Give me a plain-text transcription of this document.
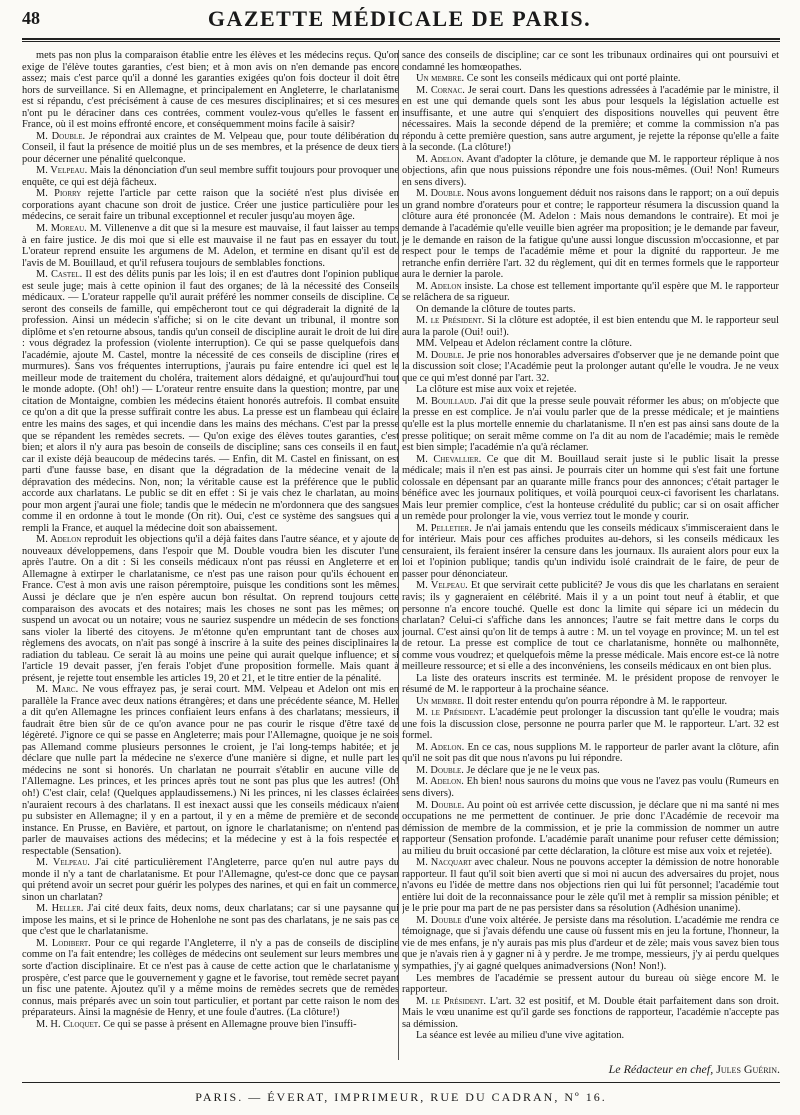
48	GAZETTE MÉDICALE DE PARIS.

mets pas non plus la comparaison établie entre les élèves et les médecins reçus. Qu'on exige de l'élève toutes garanties, c'est bien; et à mon avis on n'en demande pas encore assez; mais c'est parce qu'il a donné les garanties exigées qu'on fois docteur il doit être hors de surveillance. Si en Allemagne, et principalement en Angleterre, le charlatanisme est si répandu, c'est précisément à cause de ces mesures disciplinaires; et si ces mesures n'ont pu le déraciner dans ces contrées, comment voulez-vous qu'elles le fassent en France, où il est moins effronté encore, et conséquemment moins facile à saisir?

M. Double. Je répondrai aux craintes de M. Velpeau que, pour toute délibération du Conseil, il faut la présence de moitié plus un de ses membres, et la présence de deux tiers pour décerner une pénalité quelconque.

M. Velpeau. Mais la dénonciation d'un seul membre suffit toujours pour provoquer une enquête, ce qui est déjà fâcheux.

M. Piorry rejette l'article par cette raison que la société n'est plus divisée en corporations ayant chacune son droit de justice. Créer une justice particulière pour les médecins, ce serait faire un tribunal exceptionnel et reculer jusqu'au moyen âge.

M. Moreau. M. Villenenve a dit que si la mesure est mauvaise, il faut laisser au temps à en faire justice. Je dis moi que si elle est mauvaise il ne faut pas en essayer du tout. L'orateur reprend ensuite les argumens de M. Adelon, et termine en disant qu'il est de l'avis de M. Bouillaud, et qu'il refusera toujours de semblables fonctions.

M. Castel. Il est des délits punis par les lois; il en est d'autres dont l'opinion publique est seule juge; mais à cette opinion il faut des organes; de là la nécessité des Conseils médicaux. — L'orateur rappelle qu'il aurait préféré les nommer conseils de discipline. Ce seront des conseils de famille, qui empêcheront tout ce qui dégraderait la dignité de la profession. Ainsi un médecin s'affiche; si on le cite devant un tribunal, il montre son diplôme et s'en retourne absous, tandis qu'un conseil de discipline aurait le droit de lui dire : vous dégradez la profession (violente interruption). Ce qui se passe quelquefois dans l'académie, ajoute M. Castel, montre la nécessité de ces conseils de discipline (rires et murmures). Sans vos fréquentes interruptions, j'aurais pu faire entendre ici quel est le meilleur mode de traitement du choléra, traitement alors dédaigné, et qu'aujourd'hui tout le monde adopte. (Oh! oh!) — L'orateur rentre ensuite dans la question; montre, par une citation de Montaigne, combien les médecins étaient honorés autrefois. Il combat ensuite ce qu'on a dit que la presse suffirait contre les abus. La presse est un flambeau qui éclaire entre les mains des sages, et qui incendie dans les mains des méchans. C'est par la presse que se répandent les remèdes secrets. — Qu'on exige des élèves toutes garanties, c'est bien; et alors il n'y aura pas besoin de conseils de discipline; sans ces conseils il en faut, car il existe déjà beaucoup de médecins tarés. — Enfin, dit M. Castel en finissant, on est parti d'une fausse base, en disant que la dégradation de la médecine venait de la dépravation des médecins. Non, non; la véritable cause est la préférence que le public accorde aux charlatans. Le public se dit en effet : Si je vais chez le charlatan, au moins pour mon argent j'aurai une fiole; tandis que le médecin ne m'ordonnera que des sangsues comme il en ordonne à tout le monde (On rit). Oui, c'est ce système des sangsues qui a rempli la France, et auquel la médecine doit son abaissement.

M. Adelon reproduit les objections qu'il a déjà faites dans l'autre séance, et y ajoute de nouveaux développemens, dans l'espoir que M. Double voudra bien les discuter l'une après l'autre. On a dit : Si les conseils médicaux n'ont pas réussi en Angleterre et en Allemagne à extirper le charlatanisme, ce n'est pas une raison pour qu'ils échouent en France. C'est à mon avis une raison péremptoire, puisque les conditions sont les mêmes. Aussi je déclare que je n'en espère aucun bon résultat. On reprend toujours cette comparaison des avocats et des notaires; mais les choses ne sont pas les mêmes; on suspend un avocat ou un notaire; vous ne sauriez suspendre un médecin de ses fonctions sans violer la liberté des citoyens. Je m'étonne qu'en empruntant tant de choses aux règlemens des avocats, on n'ait pas songé à inscrire à la suite des peines disciplinaires la radiation du tableau. Ce serait là au moins une peine qui aurait quelque influence; et si l'article 19 devait passer, j'en ferais l'objet d'une proposition formelle. Mais quant à présent, je rejette tout ensemble les articles 19, 20 et 21, et le titre entier de la pénalité.

M. Marc. Ne vous effrayez pas, je serai court. MM. Velpeau et Adelon ont mis en parallèle la France avec deux nations étrangères; et dans une précédente séance, M. Heller a dit qu'en Allemagne les princes confiaient leurs enfans à des charlatans; messieurs, il faudrait être bien sûr de ce qu'on avance pour ne pas courir le risque d'être taxé de légèreté. J'ignore ce qui se passe en Angleterre; mais pour l'Allemagne, quoique je ne sois pas Allemand comme plusieurs personnes le croient, je l'ai long-temps habitée; et je déclare que nulle part la médecine ne s'exerce d'une manière si digne, et nulle part les médecins ne sont si honorés. Un charlatan ne pourrait s'établir en aucune ville de l'Allemagne. Les princes, et les princes après tout ne sont pas plus que les autres! (Oh! oh!) C'est clair, cela! (Quelques applaudissemens.) Ni les princes, ni les classes éclairées n'auraient recours à des charlatans. Il est inexact aussi que les conseils médicaux n'aient pu subsister en Allemagne; il y en a partout, il y en a même de première et de seconde instance. En Prusse, en Bavière, et partout, on ignore le charlatanisme; on n'entend pas parler de mauvaises actions des médecins; et la médecine y est à la fois respectée et respectable (Sensation).

M. Velpeau. J'ai cité particulièrement l'Angleterre, parce qu'en nul autre pays du monde il n'y a tant de charlatanisme. Et pour l'Allemagne, qu'est-ce donc que ce paysan qui prétend avoir un secret pour guérir les polypes des narines, et qui en fait un commerce, sinon un charlatan?

M. Heller. J'ai cité deux faits, deux noms, deux charlatans; car si une paysanne qui impose les mains, et si le prince de Hohenlohe ne sont pas des charlatans, je ne sais pas ce que c'est que le charlatanisme.

M. Lodibert. Pour ce qui regarde l'Angleterre, il n'y a pas de conseils de discipline comme on l'a fait entendre; les collèges de médecins ont seulement sur leurs membres une sorte d'action disciplinaire. Et ce n'est pas à cause de cette action que le charlatanisme y prospère, c'est parce que le gouvernement y gagne et le favorise, tout remède secret payant un fisc une patente. Ajoutez qu'il y a même moins de remèdes secrets que de remèdes connus, mais préparés avec un soin tout particulier, et portant par cette raison le nom des préparateurs. Ainsi la magnésie de Henry, et une foule d'autres. (La clôture!)

M. H. Cloquet. Ce qui se passe à présent en Allemagne prouve bien l'insuffi-

sance des conseils de discipline; car ce sont les tribunaux ordinaires qui ont poursuivi et condamné les homœopathes.

Un membre. Ce sont les conseils médicaux qui ont porté plainte.

M. Cornac. Je serai court. Dans les questions adressées à l'académie par le ministre, il en est une qui demande quels sont les abus pour lesquels la législation actuelle est insuffisante, et une autre qui s'enquiert des dispositions nouvelles qui peuvent être nécessaires. Mais la seconde dépend de la première; et comme la commission n'a pas répondu à cette première question, sans autre argument, je rejette la réponse qu'elle a faite à la seconde. (La clôture!)

M. Adelon. Avant d'adopter la clôture, je demande que M. le rapporteur réplique à nos objections, afin que nous puissions répondre une fois nous-mêmes. (Oui! Non! Rumeurs en sens divers).

M. Double. Nous avons longuement déduit nos raisons dans le rapport; on a ouï depuis un grand nombre d'orateurs pour et contre; le rapporteur résumera la discussion quand la clôture aura été prononcée (M. Adelon : Mais nous demandons le contraire). Et moi je demande à l'académie qu'elle veuille bien agréer ma proposition; je le demande par faveur, je le demande en raison de la fatigue qu'une aussi longue discussion m'occasionne, et par respect pour le temps de l'académie même et pour la dignité du rapporteur. Je me retranche enfin derrière l'art. 32 du règlement, qui dit en termes formels que le rapporteur aura le dernier la parole.

M. Adelon insiste. La chose est tellement importante qu'il espère que M. le rapporteur se relâchera de sa rigueur.

On demande la clôture de toutes parts.

M. le Président. Si la clôture est adoptée, il est bien entendu que M. le rapporteur seul aura la parole (Oui! oui!).

MM. Velpeau et Adelon réclament contre la clôture.

M. Double. Je prie nos honorables adversaires d'observer que je ne demande point que la discussion soit close; l'Académie peut la prolonger autant qu'elle le voudra. Je ne veux que ce qui m'est donné par l'art. 32.

La clôture est mise aux voix et rejetée.

M. Bouillaud. J'ai dit que la presse seule pouvait réformer les abus; on m'objecte que la presse en est complice. Je n'ai voulu parler que de la presse médicale; et je maintiens qu'elle est la plus mortelle ennemie du charlatanisme. Il n'en est pas ainsi sans doute de la presse politique; on serait même comme on l'a dit au nom de l'académie; mais le remède est bien simple; l'académie n'a qu'à réclamer.

M. Chevallier. Ce que dit M. Bouillaud serait juste si le public lisait la presse médicale; mais il n'en est pas ainsi. Je pourrais citer un homme qui s'est fait une fortune colossale en dépensant par an quarante mille francs pour des annonces; c'était partager le bénéfice avec les journaux politiques, et voilà pourquoi ceux-ci favorisent les charlatans. Mais leur premier complice, c'est la honteuse crédulité du public; car si on osait afficher un remède pour prolonger la vie, vous verriez tout le monde y courir.

M. Pelletier. Je n'ai jamais entendu que les conseils médicaux s'immisceraient dans le for intérieur. Mais pour ces affiches produites au-dehors, si les conseils médicaux les censuraient, ils feraient insérer la censure dans les journaux. Ils auraient alors pour eux la loi et l'opinion publique; tandis qu'un individu isolé craindrait de le faire, de peur de passer pour dénonciateur.

M. Velpeau. Et que servirait cette publicité? Je vous dis que les charlatans en seraient ravis; ils y gagneraient en célébrité. Mais il y a un point tout neuf à établir, et que personne n'a encore touché. Quelle est donc la limite qui sépare ici un médecin du charlatan? Celui-ci s'affiche dans les annonces; l'autre se fait mettre dans le corps du journal. C'est ainsi qu'on lit de temps à autre : M. un tel voyage en province; M. un tel est de retour. La presse est complice de tout ce charlatanisme, honnête ou malhonnête, comme vous voudrez; et quelquefois même la presse médicale. Mais encore est-ce là notre meilleure ressource; et si elle a des inconvéniens, les conseils médicaux en ont bien plus.

La liste des orateurs inscrits est terminée. M. le président propose de renvoyer le résumé de M. le rapporteur à la prochaine séance.

Un membre. Il doit rester entendu qu'on pourra répondre à M. le rapporteur.

M. le Président. L'académie peut prolonger la discussion tant qu'elle le voudra; mais une fois la discussion close, personne ne pourra parler que M. le rapporteur. L'art. 32 est formel.

M. Adelon. En ce cas, nous supplions M. le rapporteur de parler avant la clôture, afin qu'il ne soit pas dit que nous n'avons pu lui répondre.

M. Double. Je déclare que je ne le veux pas.

M. Adelon. Eh bien! nous saurons du moins que vous ne l'avez pas voulu (Rumeurs en sens divers).

M. Double. Au point où est arrivée cette discussion, je déclare que ni ma santé ni mes occupations ne me permettent de continuer. Je prie donc l'Académie de recevoir ma démission de membre de la commission, et je prie la commission de nommer un autre rapporteur (Sensation profonde. L'académie paraît unanime pour refuser cette démission; au milieu du bruit occasioné par cette déclaration, la clôture est mise aux voix et rejetée).

M. Nacquart avec chaleur. Nous ne pouvons accepter la démission de notre honorable rapporteur. Il faut qu'il soit bien averti que si moi ni aucun des adversaires du projet, nous n'avons eu l'idée de mettre dans nos objections rien qui lui fût personnel; l'académie tout entière lui doit de la reconnaissance pour le zèle qu'il met à remplir sa mission pénible; et je le prie pour ma part de ne pas persister dans sa résolution (Adhésion unanime).

M. Double d'une voix altérée. Je persiste dans ma résolution. L'académie me rendra ce témoignage, que si j'avais défendu une cause où fussent mis en jeu la fortune, l'honneur, la vie de mes enfans, je n'y aurais pas mis plus d'ardeur et de zèle; mais vous savez bien tous que je n'avais rien à y gagner ni à y perdre. Je me trompe, messieurs, j'y ai perdu quelques sympathies, j'y ai gagné quelques animadversions (Non! Non!).

Les membres de l'académie se pressent autour du bureau où siège encore M. le rapporteur.

M. le Président. L'art. 32 est positif, et M. Double était parfaitement dans son droit. Mais le vœu unanime est qu'il garde ses fonctions de rapporteur, l'académie n'accepte pas sa démission.

La séance est levée au milieu d'une vive agitation.

Le Rédacteur en chef, Jules Guérin.
PARIS. — ÉVERAT, IMPRIMEUR, RUE DU CADRAN, Nº 16.
